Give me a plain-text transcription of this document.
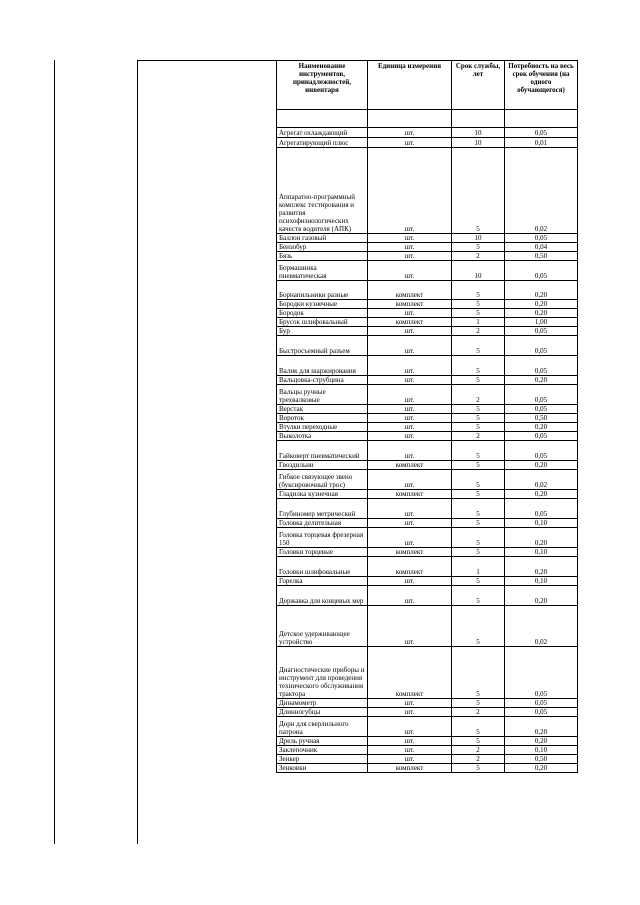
Наименование инструментов, принадлежностей, инвентаря	Единица измерения	Срок службы, лет	Потребность на весь срок обучения (на одного обучающегося)

Агрегат охлаждающий	шт.	10	0,05
Агрегатирующий плюс	шт.	10	0,01
Аппаратно-программный комплекс тестирования и развития психофизиологических качеств водителя (АПК)	шт.	5	0,02
Баллон газовый	шт.	10	0,05
Бензобур	шт.	5	0,04
Бязь	шт.	2	0,50
Бормашинка пневматическая	шт.	10	0,05
Борнапильники разные	комплект	5	0,20
Бородки кузнечные	комплект	5	0,20
Бородок	шт.	5	0,20
Брусок шлифовальный	комплект	1	1,00
Бур	шт.	2	0,05
Быстросъемный разъем	шт.	5	0,05
Валик для шаржирования	шт.	5	0,05
Вальцовка-струбцина	шт.	5	0,20
Вальцы ручные трехвалковые	шт.	2	0,05
Верстак	шт.	5	0,05
Вороток	шт.	5	0,50
Втулки переходные	шт.	5	0,20
Выколотка	шт.	2	0,05
Гайковерт пневматический	шт.	5	0,05
Гвоздильни	комплект	5	0,20
Гибкое связующее звено (буксировочный трос)	шт.	5	0,02
Гладилка кузнечная	комплект	5	0,20
Глубиномер метрический	шт.	5	0,05
Головка делительная	шт.	5	0,10
Головка торцевая фрезерная 150	шт.	5	0,20
Головки торцевые	комплект	5	0,10
Головки шлифовальные	комплект	1	0,20
Горелка	шт.	5	0,10
Державка для концевых мер	шт.	5	0,20
Детское удерживающее устройство	шт.	5	0,02
Диагностические приборы и инструмент для проведения технического обслуживания трактора	комплект	5	0,05
Динамометр	шт.	5	0,05
Длинногубцы	шт.	2	0,05
Дорн для сверлильного патрона	шт.	5	0,20
Дрель ручная	шт.	5	0,20
Заклепочник	шт.	2	0,10
Зенкер	шт.	2	0,50
Зенковки	комплект	5	0,20
